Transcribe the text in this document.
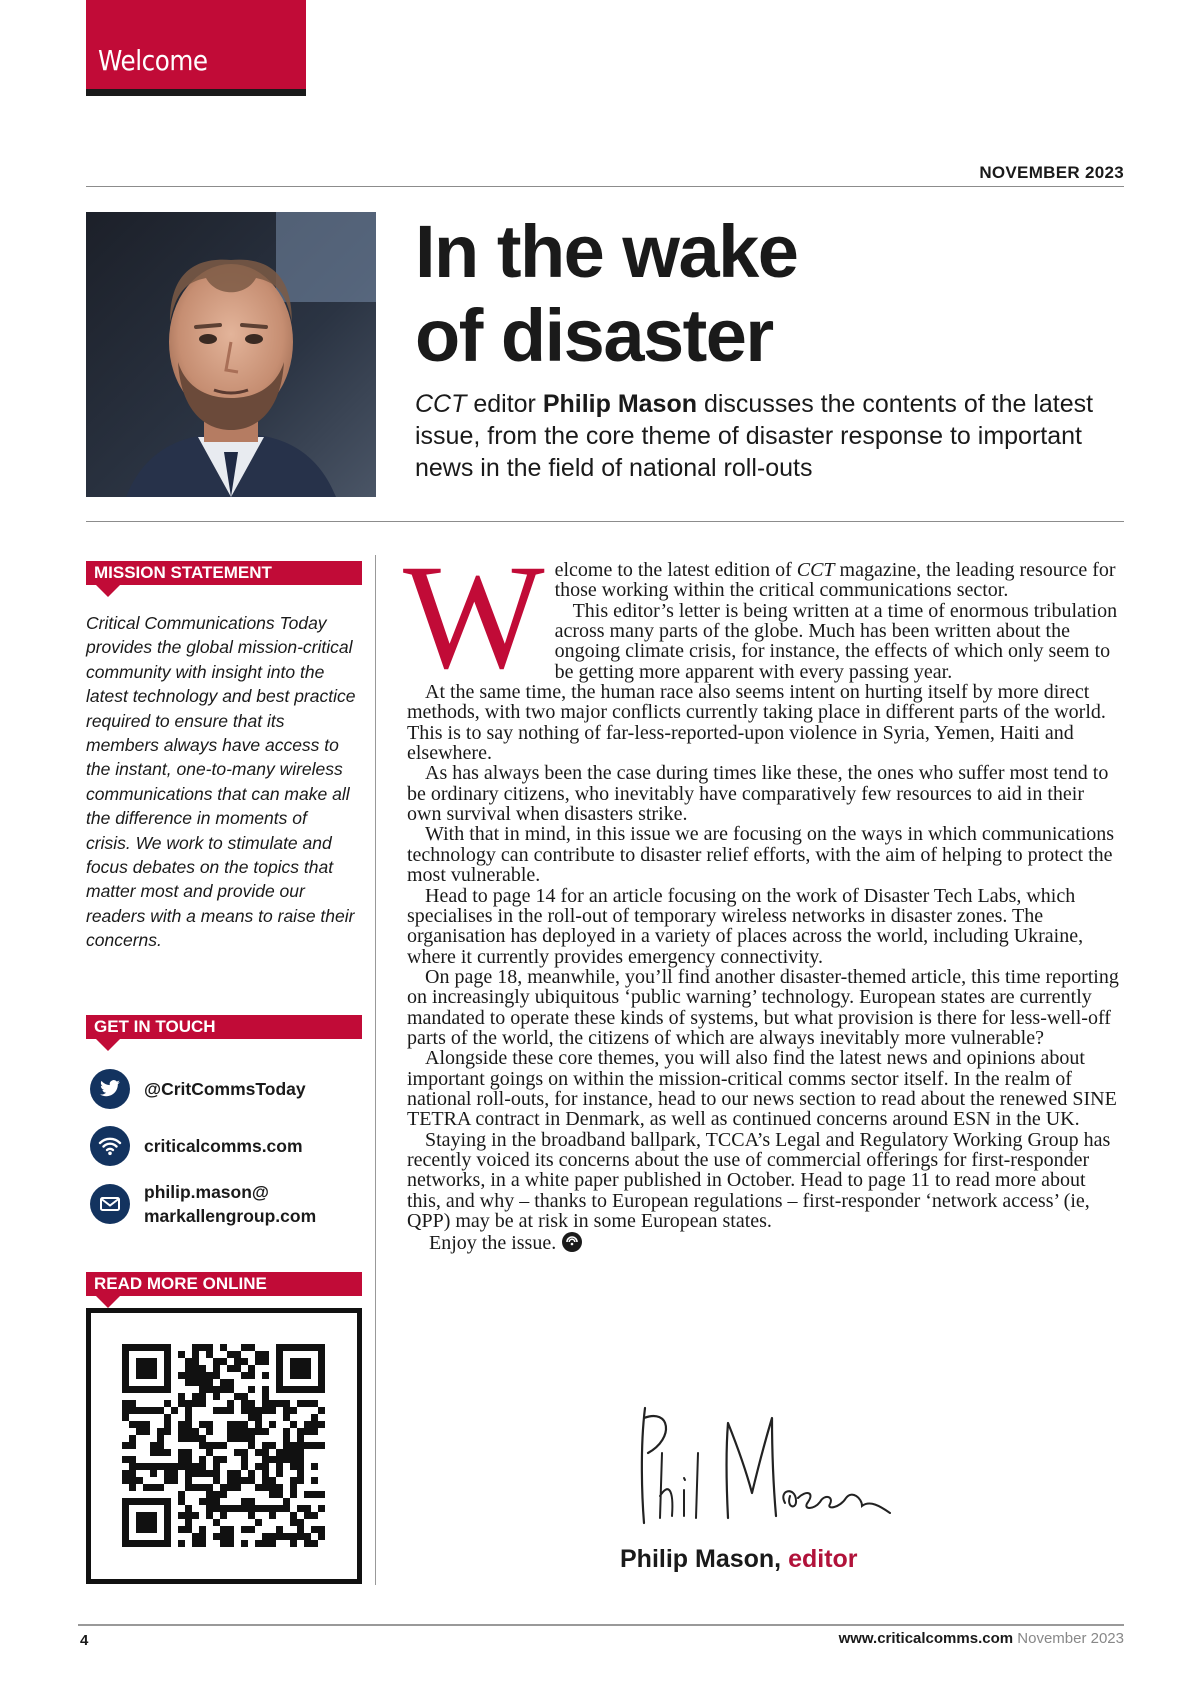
Welcome
NOVEMBER 2023
In the wake
of disaster

CCT editor Philip Mason discusses the contents of the latest issue, from the core theme of disaster response to important news in the field of national roll-outs

MISSION STATEMENT

Critical Communications Today provides the global mission-critical community with insight into the latest technology and best practice required to ensure that its members always have access to the instant, one-to-many wireless communications that can make all the difference in moments of crisis. We work to stimulate and focus debates on the topics that matter most and provide our readers with a means to raise their concerns.

GET IN TOUCH
@CritCommsToday
criticalcomms.com
philip.mason@
markallengroup.com
READ MORE ONLINE

Welcome to the latest edition of CCT magazine, the leading resource for those working within the critical communications sector.

This editor’s letter is being written at a time of enormous tribulation across many parts of the globe. Much has been written about the ongoing climate crisis, for instance, the effects of which only seem to be getting more apparent with every passing year.

At the same time, the human race also seems intent on hurting itself by more direct methods, with two major conflicts currently taking place in different parts of the world. This is to say nothing of far-less-reported-upon violence in Syria, Yemen, Haiti and elsewhere.

As has always been the case during times like these, the ones who suffer most tend to be ordinary citizens, who inevitably have comparatively few resources to aid in their own survival when disasters strike.

With that in mind, in this issue we are focusing on the ways in which communications technology can contribute to disaster relief efforts, with the aim of helping to protect the most vulnerable.

Head to page 14 for an article focusing on the work of Disaster Tech Labs, which specialises in the roll-out of temporary wireless networks in disaster zones. The organisation has deployed in a variety of places across the world, including Ukraine, where it currently provides emergency connectivity.

On page 18, meanwhile, you’ll find another disaster-themed article, this time reporting on increasingly ubiquitous ‘public warning’ technology. European states are currently mandated to operate these kinds of systems, but what provision is there for less-well-off parts of the world, the citizens of which are always inevitably more vulnerable?

Alongside these core themes, you will also find the latest news and opinions about important goings on within the mission-critical comms sector itself. In the realm of national roll-outs, for instance, head to our news section to read about the renewed SINE TETRA contract in Denmark, as well as continued concerns around ESN in the UK.

Staying in the broadband ballpark, TCCA’s Legal and Regulatory Working Group has recently voiced its concerns about the use of commercial offerings for first-responder networks, in a white paper published in October. Head to page 11 to read more about this, and why – thanks to European regulations – first-responder ‘network access’ (ie, QPP) may be at risk in some European states.

Enjoy the issue.

Philip Mason, editor
4	www.criticalcomms.com November 2023
